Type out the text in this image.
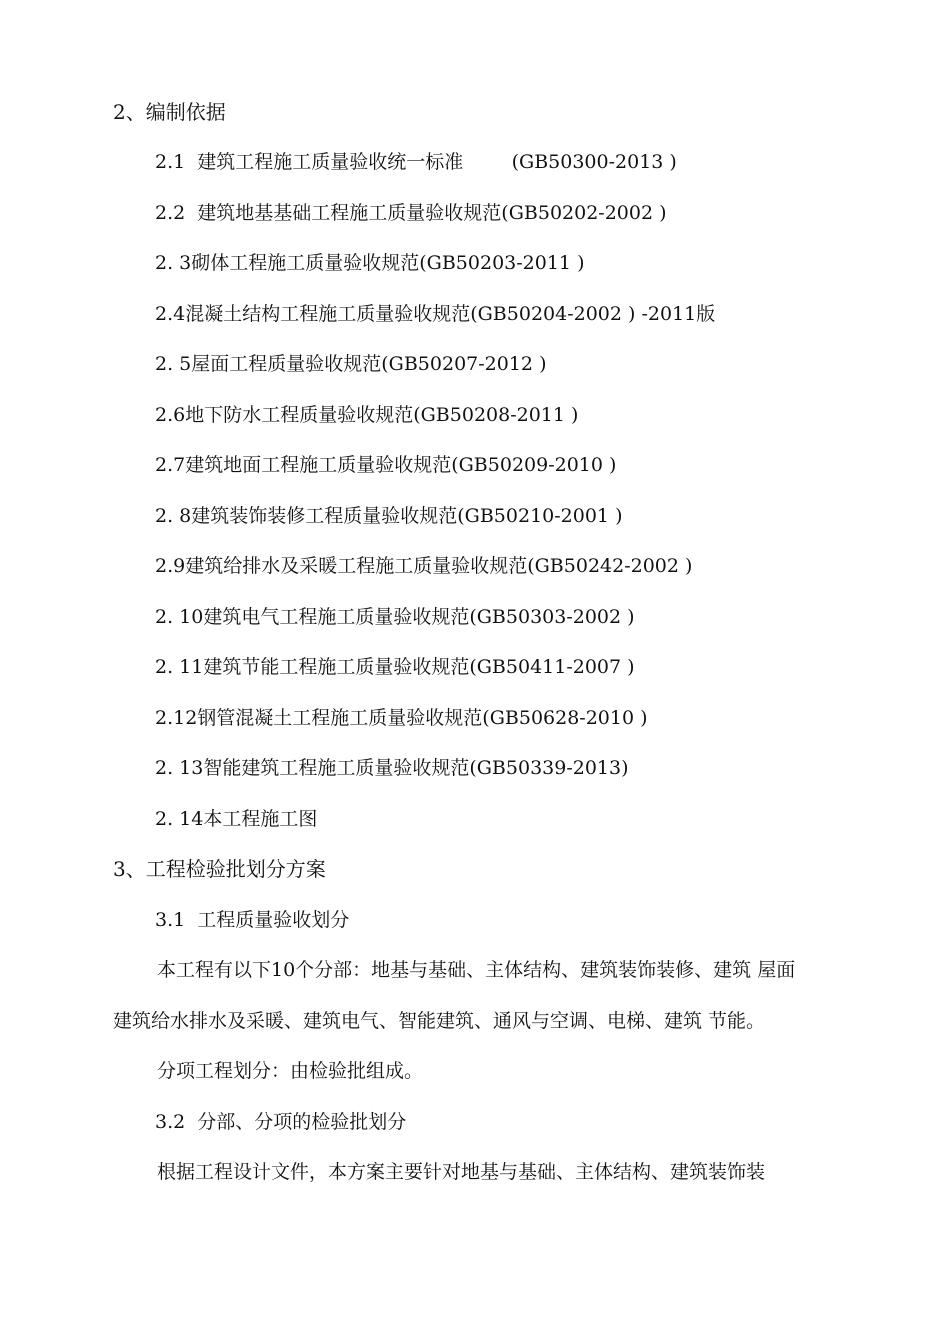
2、编制依据
2.1  建筑工程施工质量验收统一标准        (GB50300-2013 )
2.2  建筑地基基础工程施工质量验收规范(GB50202-2002 )
2. 3砌体工程施工质量验收规范(GB50203-2011 )
2.4混凝土结构工程施工质量验收规范(GB50204-2002 ) -2011版
2. 5屋面工程质量验收规范(GB50207-2012 )
2.6地下防水工程质量验收规范(GB50208-2011 )
2.7建筑地面工程施工质量验收规范(GB50209-2010 )
2. 8建筑装饰装修工程质量验收规范(GB50210-2001 )
2.9建筑给排水及采暖工程施工质量验收规范(GB50242-2002 )
2. 10建筑电气工程施工质量验收规范(GB50303-2002 )
2. 11建筑节能工程施工质量验收规范(GB50411-2007 )
2.12钢管混凝土工程施工质量验收规范(GB50628-2010 )
2. 13智能建筑工程施工质量验收规范(GB50339-2013)
2. 14本工程施工图
3、工程检验批划分方案
3.1  工程质量验收划分
本工程有以下10个分部：地基与基础、主体结构、建筑装饰装修、建筑 屋面
建筑给水排水及采暖、建筑电气、智能建筑、通风与空调、电梯、建筑 节能。
分项工程划分：由检验批组成。
3.2  分部、分项的检验批划分
根据工程设计文件，本方案主要针对地基与基础、主体结构、建筑装饰装
